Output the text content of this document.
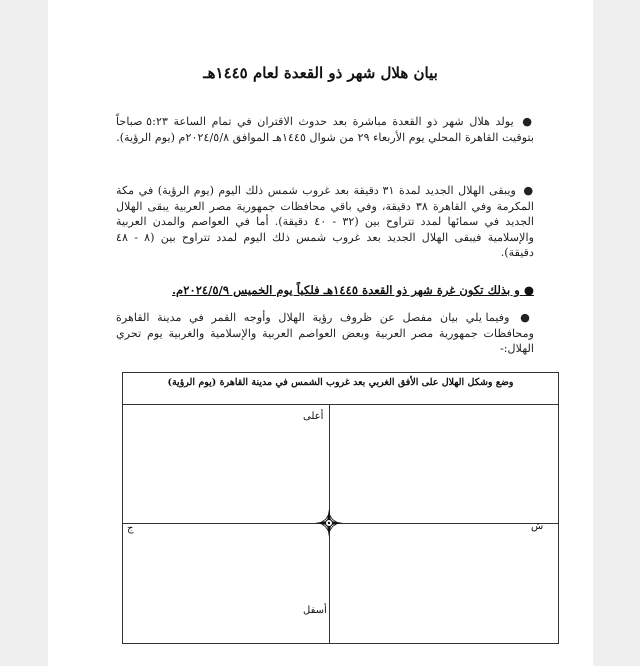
بيان هلال شهر ذو القعدة لعام ١٤٤٥هـ
● يولد هلال شهر ذو القعدة مباشرة بعد حدوث الاقتران في تمام الساعة ٥:٢٣ صباحاً بتوقيت القاهرة المحلي يوم الأربعاء ٢٩ من شوال ١٤٤٥هـ الموافق ٢٠٢٤/٥/٨م (يوم الرؤية).
● ويبقى الهلال الجديد لمدة ٣١ دقيقة بعد غروب شمس ذلك اليوم (يوم الرؤية) في مكة المكرمة وفي القاهرة ٣٨ دقيقة، وفي باقي محافظات جمهورية مصر العربية يبقى الهلال الجديد في سمائها لمدد تتراوح بين (٣٢ - ٤٠ دقيقة). أما في العواصم والمدن العربية والإسلامية فيبقى الهلال الجديد بعد غروب شمس ذلك اليوم لمدد تتراوح بين (٨ - ٤٨ دقيقة).
● و بذلك تكون غرة شهر ذو القعدة ١٤٤٥هـ فلكياً يوم الخميس ٢٠٢٤/٥/٩م.
● وفيما يلي بيان مفصل عن ظروف رؤية الهلال وأوجه القمر في مدينة القاهرة ومحافظات جمهورية مصر العربية وبعض العواصم العربية والإسلامية والغربية يوم تحري الهلال:-
وضع وشكل الهلال على الأفق الغربي بعد غروب الشمس في مدينة القاهرة (يوم الرؤية)
أعلى
أسفل
ج	ش
